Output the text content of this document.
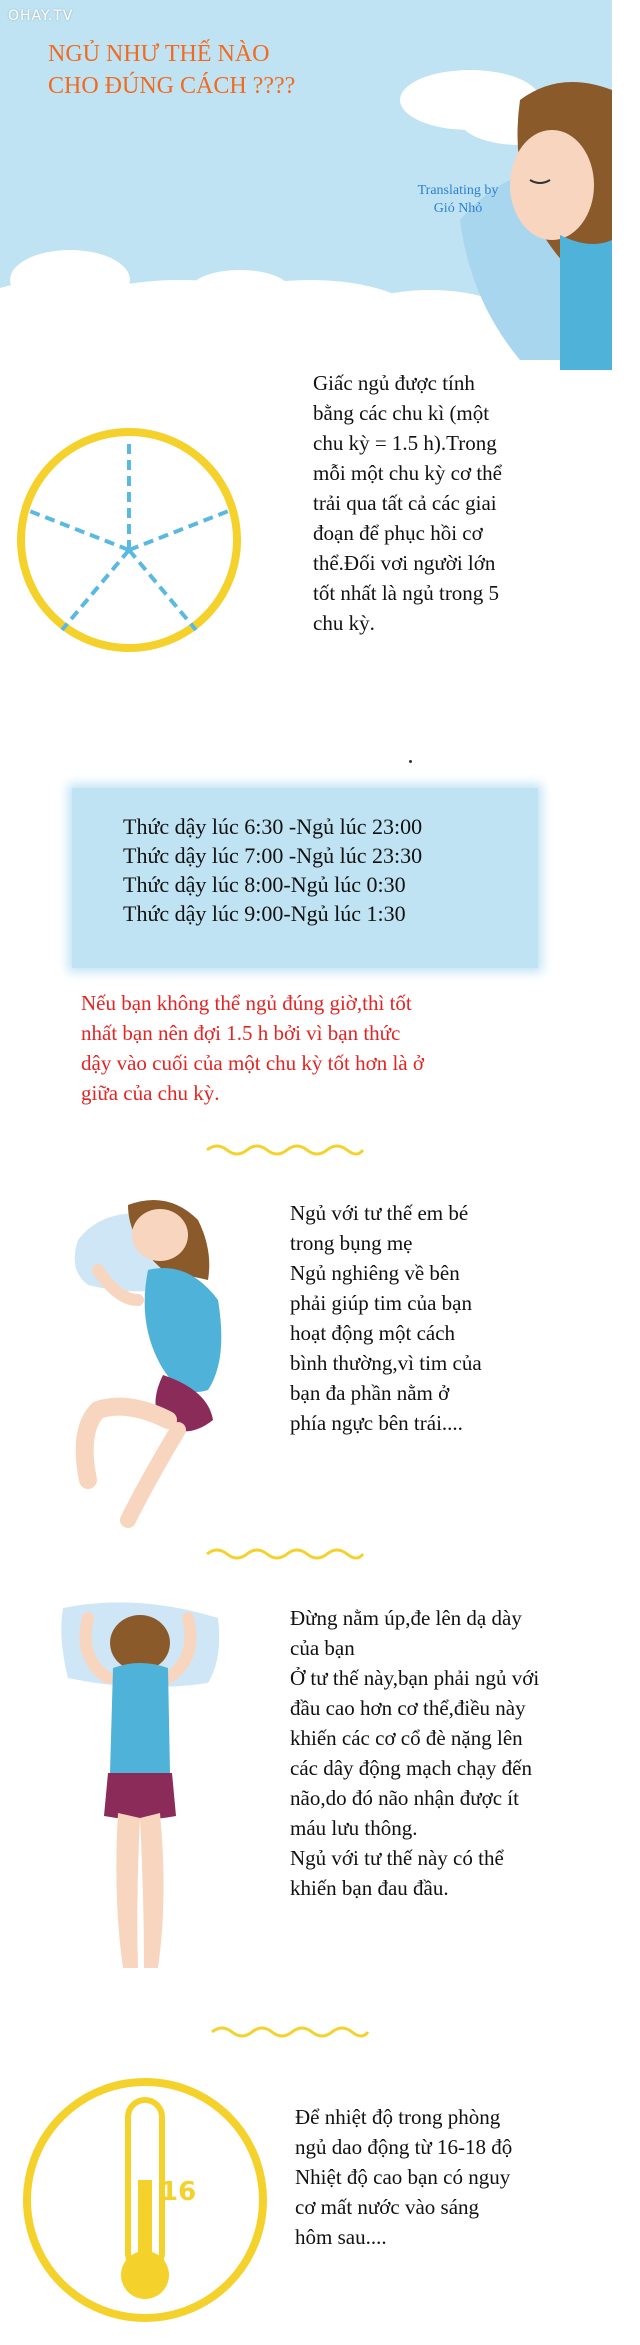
OHAY.TV
NGỦ NHƯ THẾ NÀO
CHO ĐÚNG CÁCH ????
Translating by
Gió Nhỏ

Giấc ngủ được tính

bằng các chu kì (một

chu kỳ = 1.5 h).Trong

mỗi một chu kỳ cơ thể

trải qua tất cả các giai

đoạn để phục hồi cơ

thể.Đối vơi người lớn

tốt nhất là ngủ trong 5

chu kỳ.

Thức dậy lúc 6:30 -Ngủ lúc 23:00

Thức dậy lúc 7:00 -Ngủ lúc 23:30

Thức dậy lúc 8:00-Ngủ lúc 0:30

Thức dậy lúc 9:00-Ngủ lúc 1:30

Nếu bạn không thể ngủ đúng giờ,thì tốt

nhất bạn nên đợi 1.5 h bởi vì bạn thức

dậy vào cuối của một chu kỳ tốt hơn là ở

giữa của chu kỳ.

Ngủ với tư thế em bé

trong bụng mẹ

Ngủ nghiêng về bên

phải giúp tim của bạn

hoạt động một cách

bình thường,vì tim của

bạn đa phần nằm ở

phía ngực bên trái....

Đừng nằm úp,đe lên dạ dày

của bạn

Ở tư thế này,bạn phải ngủ với

đầu cao hơn cơ thể,điều này

khiến các cơ cổ đè nặng lên

các dây động mạch chạy đến

não,do đó não nhận được ít

máu lưu thông.

Ngủ với tư thế này có thể

khiến bạn đau đầu.

16

Để nhiệt độ trong phòng

ngủ dao động từ 16-18 độ

Nhiệt độ cao bạn có nguy

cơ mất nước vào sáng

hôm sau....
